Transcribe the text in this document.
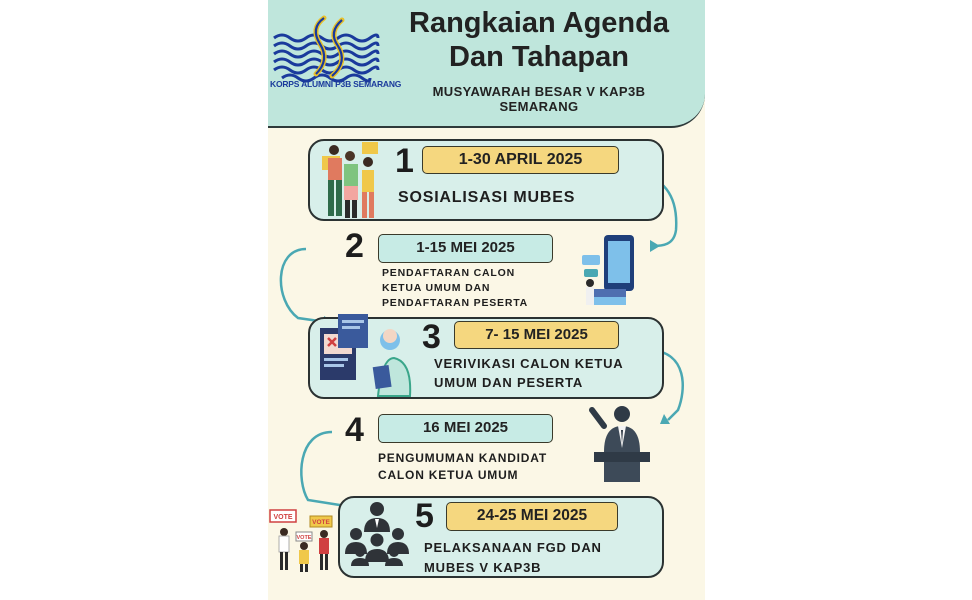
KORPS ALUMNI P3B SEMARANG
Rangkaian Agenda
Dan Tahapan
MUSYAWARAH BESAR V KAP3B
SEMARANG
1	1-30 APRIL 2025
SOSIALISASI MUBES
2	1-15 MEI 2025
PENDAFTARAN CALON
KETUA UMUM DAN
PENDAFTARAN PESERTA
3	7- 15 MEI 2025
VERIVIKASI CALON KETUA
UMUM DAN PESERTA
4	16 MEI 2025
PENGUMUMAN KANDIDAT
CALON KETUA UMUM
VOTE
VOTE
VOTE
5	24-25 MEI 2025
PELAKSANAAN FGD DAN
MUBES V KAP3B
